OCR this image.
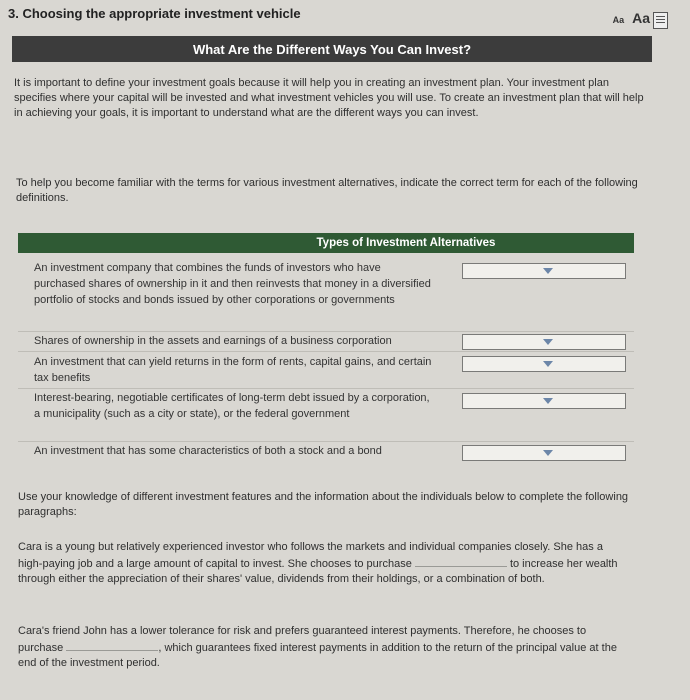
3. Choosing the appropriate investment vehicle	Aa Aa
What Are the Different Ways You Can Invest?
It is important to define your investment goals because it will help you in creating an investment plan. Your investment plan specifies where your capital will be invested and what investment vehicles you will use. To create an investment plan that will help in achieving your goals, it is important to understand what are the different ways you can invest.
To help you become familiar with the terms for various investment alternatives, indicate the correct term for each of the following definitions.
Types of Investment Alternatives
An investment company that combines the funds of investors who have purchased shares of ownership in it and then reinvests that money in a diversified portfolio of stocks and bonds issued by other corporations or governments
Shares of ownership in the assets and earnings of a business corporation
An investment that can yield returns in the form of rents, capital gains, and certain tax benefits
Interest-bearing, negotiable certificates of long-term debt issued by a corporation, a municipality (such as a city or state), or the federal government
An investment that has some characteristics of both a stock and a bond
Use your knowledge of different investment features and the information about the individuals below to complete the following paragraphs:
Cara is a young but relatively experienced investor who follows the markets and individual companies closely. She has a high-paying job and a large amount of capital to invest. She chooses to purchase	to increase her wealth through either the appreciation of their shares' value, dividends from their holdings, or a combination of both.
Cara's friend John has a lower tolerance for risk and prefers guaranteed interest payments. Therefore, he chooses to purchase	, which guarantees fixed interest payments in addition to the return of the principal value at the end of the investment period.
